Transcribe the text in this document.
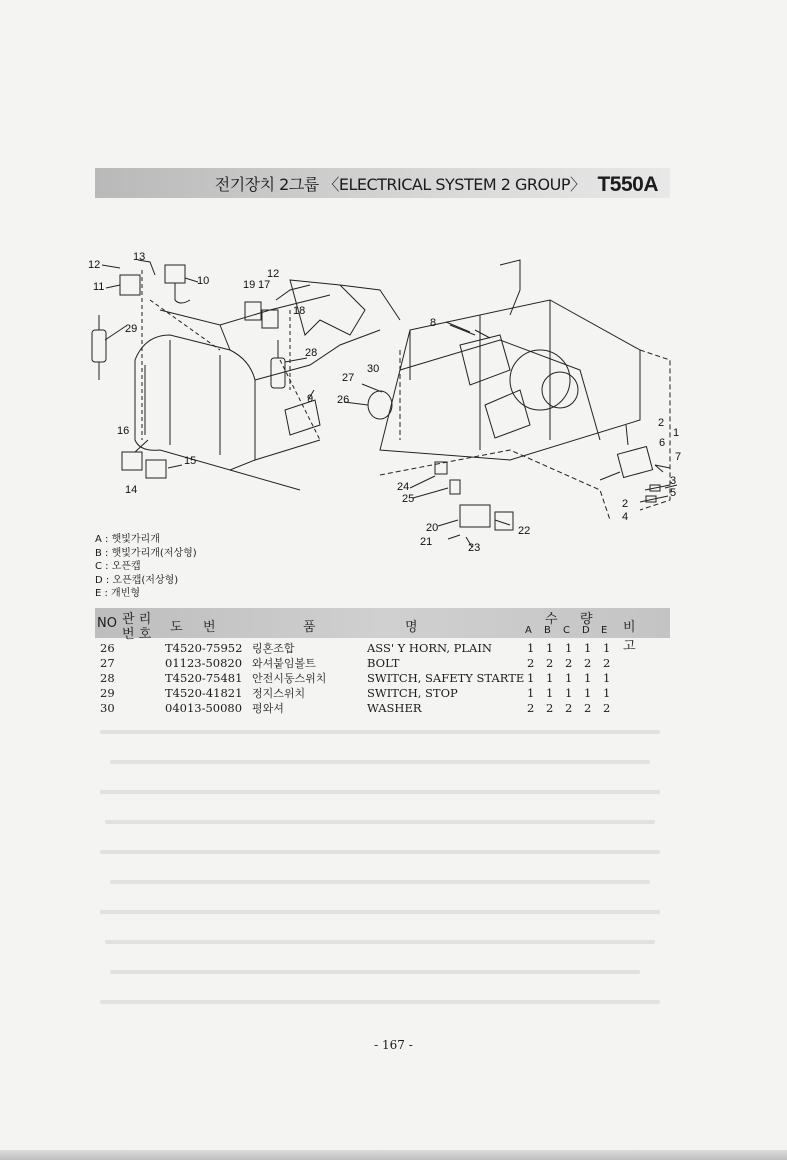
전기장치 2그룹 〈ELECTRICAL SYSTEM 2 GROUP〉 T550A
12
13
10
11
12
19 17
18
29	8
28
27
30
26
9
16
15
14
2
1
6
7
3
5
2
4
24
25
20
21
22
23
A : 햇빛가리개
B : 햇빛가리개(저상형)
C : 오픈캡
D : 오픈캡(저상형)
E : 개빈형
NO 관 리
번 호 도 번	품	명
수 량
비 고
A B C D E
26	T4520-75952	링혼조합	ASS' Y HORN, PLAIN	1 1 1 1 1
27	01123-50820	와셔붙임볼트	BOLT	2 2 2 2 2
28	T4520-75481	안전시동스위치	SWITCH, SAFETY STARTE	1 1 1 1 1
29	T4520-41821	정지스위치	SWITCH, STOP	1 1 1 1 1
30	04013-50080	평와셔	WASHER	2 2 2 2 2
- 167 -
